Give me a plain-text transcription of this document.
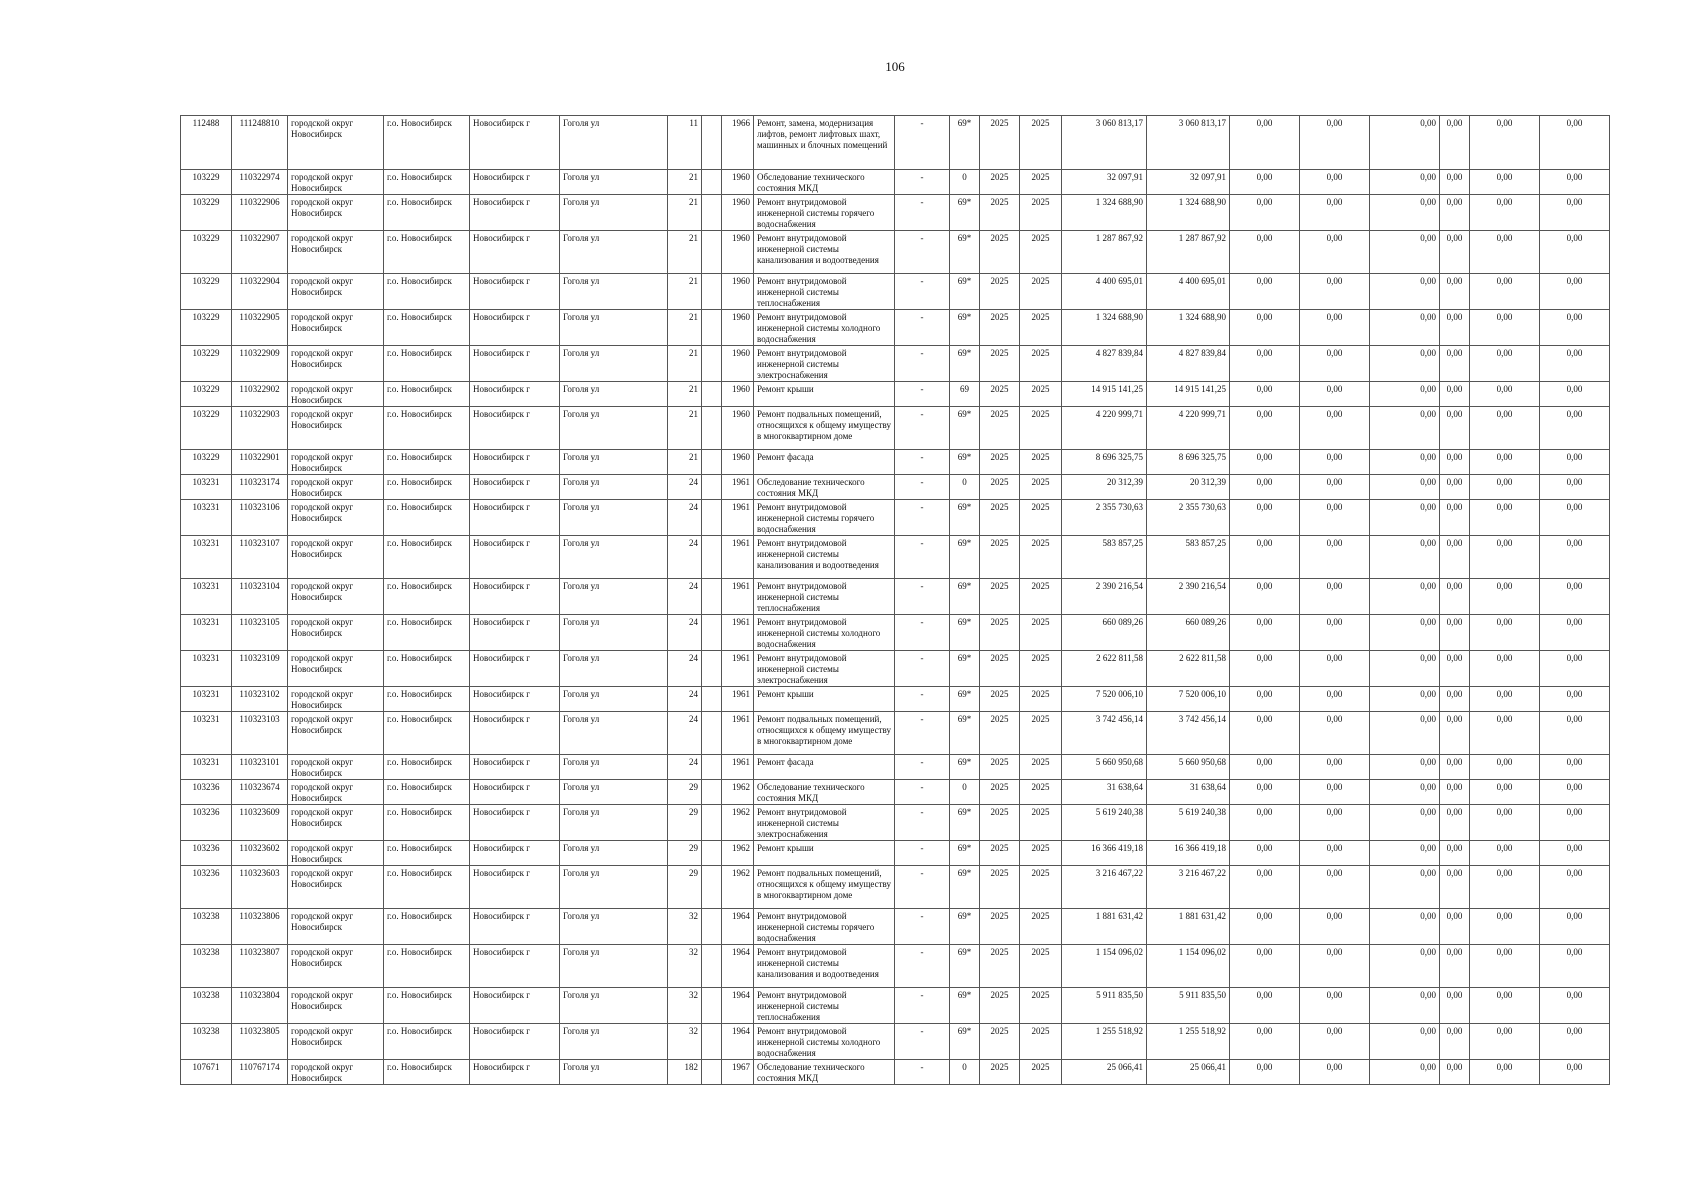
106
112488	111248810	городской округ Новосибирск	г.о. Новосибирск	Новосибирск г	Гоголя ул	11		1966	Ремонт, замена, модернизация лифтов, ремонт лифтовых шахт, машинных и блочных помещений	-	69*	2025	2025	3 060 813,17	3 060 813,17	0,00	0,00	0,00	0,00	0,00	0,00
103229	110322974	городской округ Новосибирск	г.о. Новосибирск	Новосибирск г	Гоголя ул	21		1960	Обследование технического состояния МКД	-	0	2025	2025	32 097,91	32 097,91	0,00	0,00	0,00	0,00	0,00	0,00
103229	110322906	городской округ Новосибирск	г.о. Новосибирск	Новосибирск г	Гоголя ул	21		1960	Ремонт внутридомовой инженерной системы горячего водоснабжения	-	69*	2025	2025	1 324 688,90	1 324 688,90	0,00	0,00	0,00	0,00	0,00	0,00
103229	110322907	городской округ Новосибирск	г.о. Новосибирск	Новосибирск г	Гоголя ул	21		1960	Ремонт внутридомовой инженерной системы канализования и водоотведения	-	69*	2025	2025	1 287 867,92	1 287 867,92	0,00	0,00	0,00	0,00	0,00	0,00
103229	110322904	городской округ Новосибирск	г.о. Новосибирск	Новосибирск г	Гоголя ул	21		1960	Ремонт внутридомовой инженерной системы теплоснабжения	-	69*	2025	2025	4 400 695,01	4 400 695,01	0,00	0,00	0,00	0,00	0,00	0,00
103229	110322905	городской округ Новосибирск	г.о. Новосибирск	Новосибирск г	Гоголя ул	21		1960	Ремонт внутридомовой инженерной системы холодного водоснабжения	-	69*	2025	2025	1 324 688,90	1 324 688,90	0,00	0,00	0,00	0,00	0,00	0,00
103229	110322909	городской округ Новосибирск	г.о. Новосибирск	Новосибирск г	Гоголя ул	21		1960	Ремонт внутридомовой инженерной системы электроснабжения	-	69*	2025	2025	4 827 839,84	4 827 839,84	0,00	0,00	0,00	0,00	0,00	0,00
103229	110322902	городской округ Новосибирск	г.о. Новосибирск	Новосибирск г	Гоголя ул	21		1960	Ремонт крыши	-	69	2025	2025	14 915 141,25	14 915 141,25	0,00	0,00	0,00	0,00	0,00	0,00
103229	110322903	городской округ Новосибирск	г.о. Новосибирск	Новосибирск г	Гоголя ул	21		1960	Ремонт подвальных помещений, относящихся к общему имуществу в многоквартирном доме	-	69*	2025	2025	4 220 999,71	4 220 999,71	0,00	0,00	0,00	0,00	0,00	0,00
103229	110322901	городской округ Новосибирск	г.о. Новосибирск	Новосибирск г	Гоголя ул	21		1960	Ремонт фасада	-	69*	2025	2025	8 696 325,75	8 696 325,75	0,00	0,00	0,00	0,00	0,00	0,00
103231	110323174	городской округ Новосибирск	г.о. Новосибирск	Новосибирск г	Гоголя ул	24		1961	Обследование технического состояния МКД	-	0	2025	2025	20 312,39	20 312,39	0,00	0,00	0,00	0,00	0,00	0,00
103231	110323106	городской округ Новосибирск	г.о. Новосибирск	Новосибирск г	Гоголя ул	24		1961	Ремонт внутридомовой инженерной системы горячего водоснабжения	-	69*	2025	2025	2 355 730,63	2 355 730,63	0,00	0,00	0,00	0,00	0,00	0,00
103231	110323107	городской округ Новосибирск	г.о. Новосибирск	Новосибирск г	Гоголя ул	24		1961	Ремонт внутридомовой инженерной системы канализования и водоотведения	-	69*	2025	2025	583 857,25	583 857,25	0,00	0,00	0,00	0,00	0,00	0,00
103231	110323104	городской округ Новосибирск	г.о. Новосибирск	Новосибирск г	Гоголя ул	24		1961	Ремонт внутридомовой инженерной системы теплоснабжения	-	69*	2025	2025	2 390 216,54	2 390 216,54	0,00	0,00	0,00	0,00	0,00	0,00
103231	110323105	городской округ Новосибирск	г.о. Новосибирск	Новосибирск г	Гоголя ул	24		1961	Ремонт внутридомовой инженерной системы холодного водоснабжения	-	69*	2025	2025	660 089,26	660 089,26	0,00	0,00	0,00	0,00	0,00	0,00
103231	110323109	городской округ Новосибирск	г.о. Новосибирск	Новосибирск г	Гоголя ул	24		1961	Ремонт внутридомовой инженерной системы электроснабжения	-	69*	2025	2025	2 622 811,58	2 622 811,58	0,00	0,00	0,00	0,00	0,00	0,00
103231	110323102	городской округ Новосибирск	г.о. Новосибирск	Новосибирск г	Гоголя ул	24		1961	Ремонт крыши	-	69*	2025	2025	7 520 006,10	7 520 006,10	0,00	0,00	0,00	0,00	0,00	0,00
103231	110323103	городской округ Новосибирск	г.о. Новосибирск	Новосибирск г	Гоголя ул	24		1961	Ремонт подвальных помещений, относящихся к общему имуществу в многоквартирном доме	-	69*	2025	2025	3 742 456,14	3 742 456,14	0,00	0,00	0,00	0,00	0,00	0,00
103231	110323101	городской округ Новосибирск	г.о. Новосибирск	Новосибирск г	Гоголя ул	24		1961	Ремонт фасада	-	69*	2025	2025	5 660 950,68	5 660 950,68	0,00	0,00	0,00	0,00	0,00	0,00
103236	110323674	городской округ Новосибирск	г.о. Новосибирск	Новосибирск г	Гоголя ул	29		1962	Обследование технического состояния МКД	-	0	2025	2025	31 638,64	31 638,64	0,00	0,00	0,00	0,00	0,00	0,00
103236	110323609	городской округ Новосибирск	г.о. Новосибирск	Новосибирск г	Гоголя ул	29		1962	Ремонт внутридомовой инженерной системы электроснабжения	-	69*	2025	2025	5 619 240,38	5 619 240,38	0,00	0,00	0,00	0,00	0,00	0,00
103236	110323602	городской округ Новосибирск	г.о. Новосибирск	Новосибирск г	Гоголя ул	29		1962	Ремонт крыши	-	69*	2025	2025	16 366 419,18	16 366 419,18	0,00	0,00	0,00	0,00	0,00	0,00
103236	110323603	городской округ Новосибирск	г.о. Новосибирск	Новосибирск г	Гоголя ул	29		1962	Ремонт подвальных помещений, относящихся к общему имуществу в многоквартирном доме	-	69*	2025	2025	3 216 467,22	3 216 467,22	0,00	0,00	0,00	0,00	0,00	0,00
103238	110323806	городской округ Новосибирск	г.о. Новосибирск	Новосибирск г	Гоголя ул	32		1964	Ремонт внутридомовой инженерной системы горячего водоснабжения	-	69*	2025	2025	1 881 631,42	1 881 631,42	0,00	0,00	0,00	0,00	0,00	0,00
103238	110323807	городской округ Новосибирск	г.о. Новосибирск	Новосибирск г	Гоголя ул	32		1964	Ремонт внутридомовой инженерной системы канализования и водоотведения	-	69*	2025	2025	1 154 096,02	1 154 096,02	0,00	0,00	0,00	0,00	0,00	0,00
103238	110323804	городской округ Новосибирск	г.о. Новосибирск	Новосибирск г	Гоголя ул	32		1964	Ремонт внутридомовой инженерной системы теплоснабжения	-	69*	2025	2025	5 911 835,50	5 911 835,50	0,00	0,00	0,00	0,00	0,00	0,00
103238	110323805	городской округ Новосибирск	г.о. Новосибирск	Новосибирск г	Гоголя ул	32		1964	Ремонт внутридомовой инженерной системы холодного водоснабжения	-	69*	2025	2025	1 255 518,92	1 255 518,92	0,00	0,00	0,00	0,00	0,00	0,00
107671	110767174	городской округ Новосибирск	г.о. Новосибирск	Новосибирск г	Гоголя ул	182		1967	Обследование технического состояния МКД	-	0	2025	2025	25 066,41	25 066,41	0,00	0,00	0,00	0,00	0,00	0,00
